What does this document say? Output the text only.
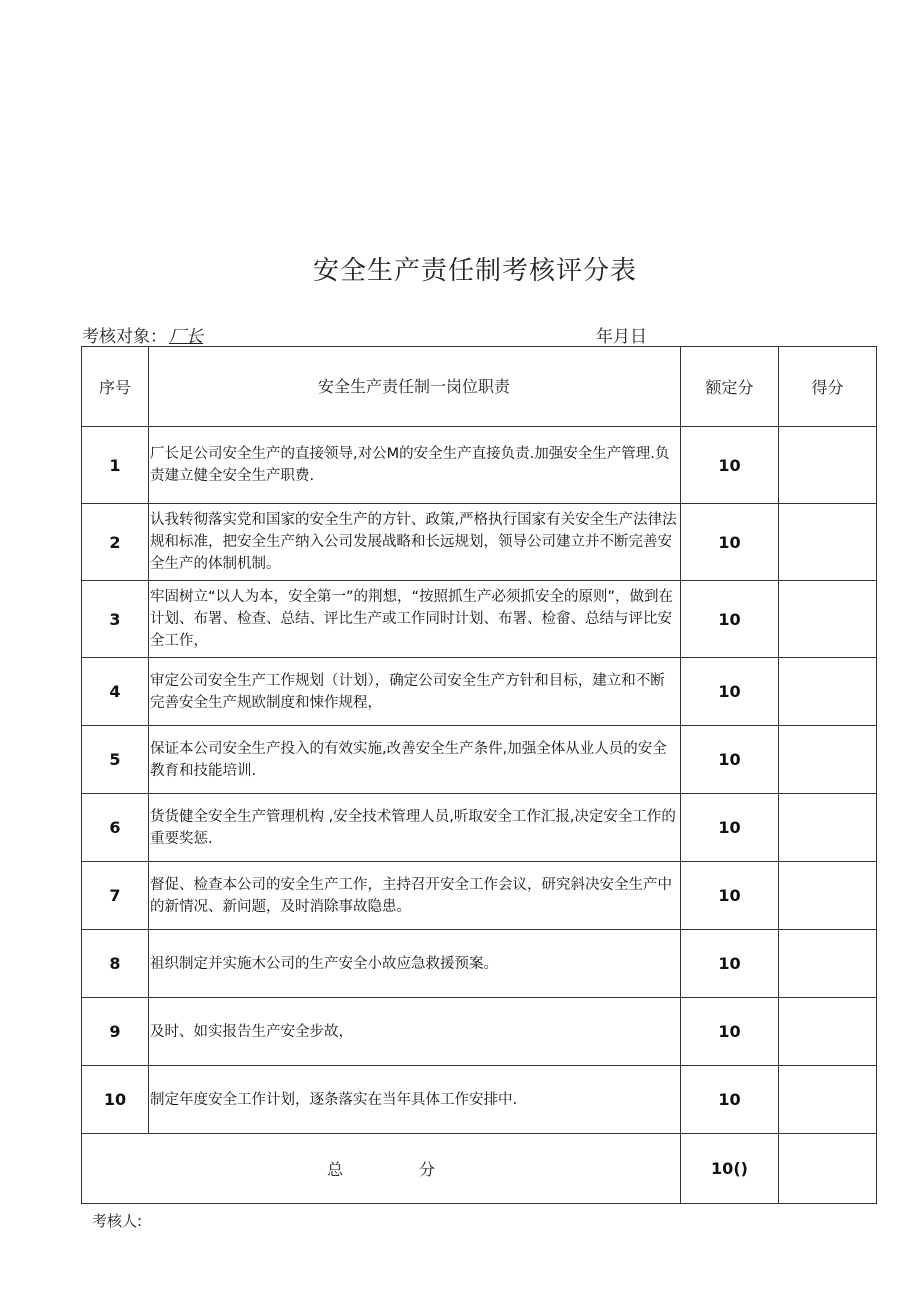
安全生产责任制考核评分表
考核对象： 厂长	年月日
序号	安全生产责任制一岗位职责	额定分	得分
1	厂长足公司安全生产的直接领导,对公M的安全生产直接负责.加强安全生产管理.负责建立健全安全生产职费.	10	
2	认我转彻落实党和国家的安全生产的方针、政策,严格执行国家有关安全生产法律法规和标准，把安全生产纳入公司发展战略和长远规划，领导公司建立并不断完善安全生产的体制机制。	10	
3	牢固树立“以人为本，安全第一”的荆想，“按照抓生产必须抓安全的原则”，做到在计划、布署、检查、总结、评比生产或工作同时计划、布署、检畲、总结与评比安全工作，	10	
4	审定公司安全生产工作规划（计划），确定公司安全生产方针和目标，建立和不断完善安全生产规欧制度和悚作规程，	10	
5	保证本公司安全生产投入的有效实施,改善安全生产条件,加强全体从业人员的安全教育和技能培训.	10	
6	货货健全安全生产管理机构 ,安全技术管理人员,听取安全工作汇报,决定安全工作的重要奖惩.	10	
7	督促、检查本公司的安全生产工作，主持召开安全工作会议，研究斜决安全生产中的新情况、新问题，及时消除事故隐患。	10	
8	祖织制定并实施木公司的生产安全小故应急救援预案。	10	
9	及时、如实报告生产安全步故，	10	
10	制定年度安全工作计划，逐条落实在当年具体工作安排中.	10	
总 分		10()	
考核人:
